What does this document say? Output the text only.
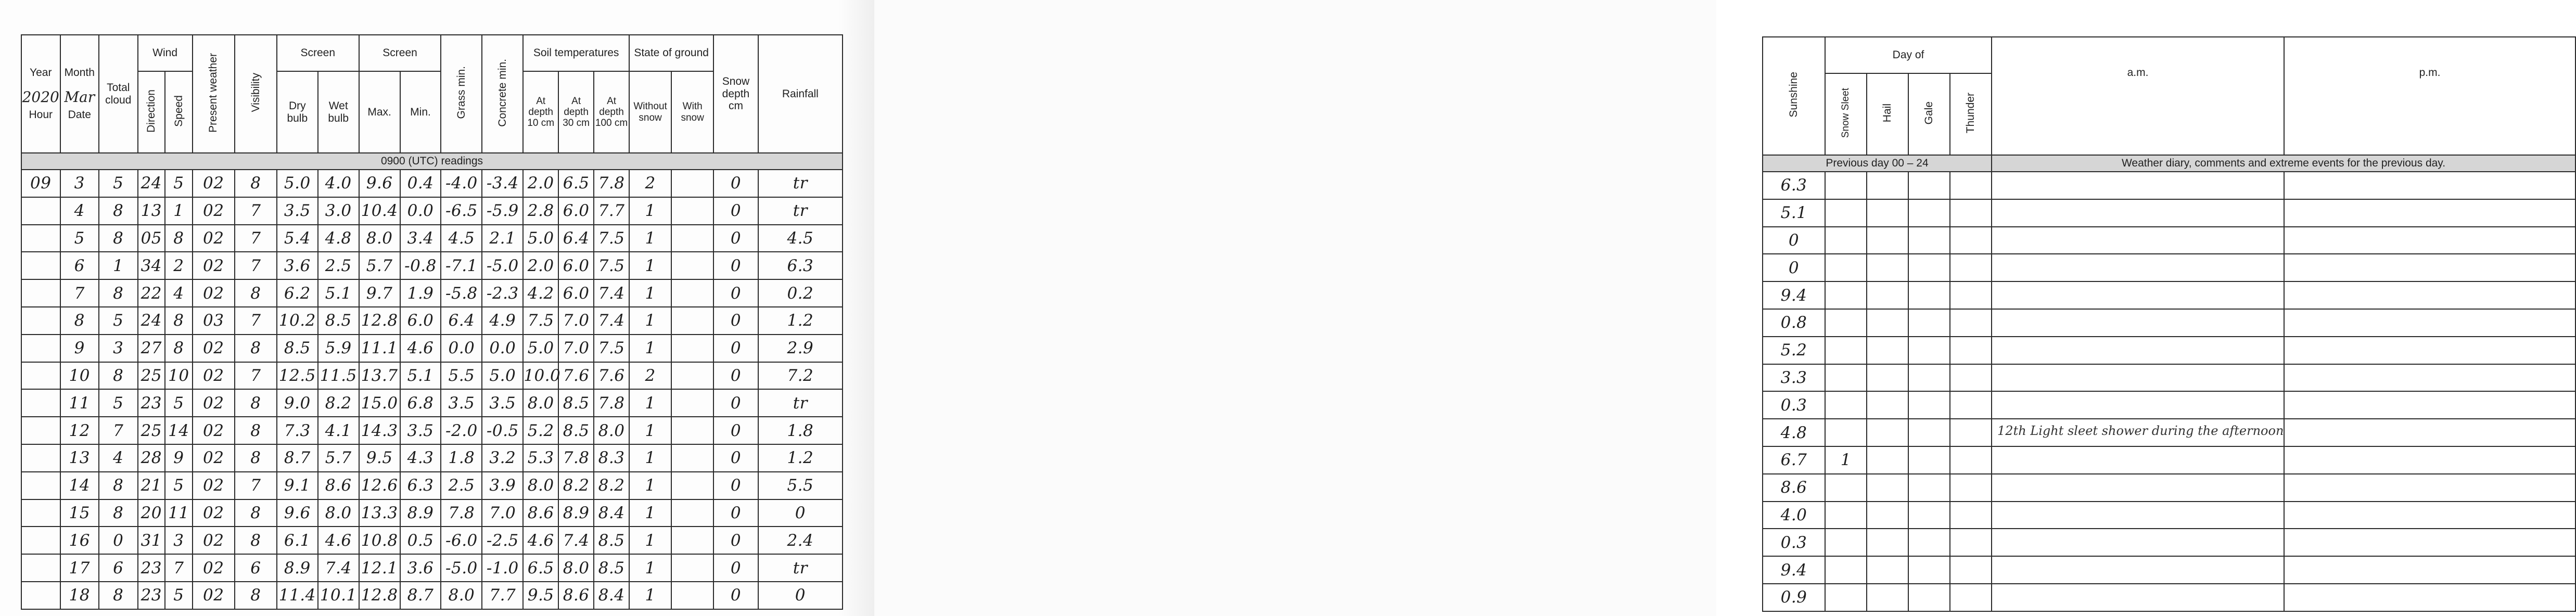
Year
2020
Hour	Month
Mar
Date	Total cloud	Wind		Present weather	Visibility	Screen		Screen		Grass min.	Concrete min.	Soil temperatures			State of ground		Snow depth cm	Rainfall
			Direction	Speed			Dry bulb	Wet bulb	Max.	Min.			At depth 10 cm	At depth 30 cm	At depth 100 cm	Without snow	With snow		
0900 (UTC) readings																			
09	3	5	24	5	02	8	5.0	4.0	9.6	0.4	-4.0	-3.4	2.0	6.5	7.8	2		0	tr
	4	8	13	1	02	7	3.5	3.0	10.4	0.0	-6.5	-5.9	2.8	6.0	7.7	1		0	tr
	5	8	05	8	02	7	5.4	4.8	8.0	3.4	4.5	2.1	5.0	6.4	7.5	1		0	4.5
	6	1	34	2	02	7	3.6	2.5	5.7	-0.8	-7.1	-5.0	2.0	6.0	7.5	1		0	6.3
	7	8	22	4	02	8	6.2	5.1	9.7	1.9	-5.8	-2.3	4.2	6.0	7.4	1		0	0.2
	8	5	24	8	03	7	10.2	8.5	12.8	6.0	6.4	4.9	7.5	7.0	7.4	1		0	1.2
	9	3	27	8	02	8	8.5	5.9	11.1	4.6	0.0	0.0	5.0	7.0	7.5	1		0	2.9
	10	8	25	10	02	7	12.5	11.5	13.7	5.1	5.5	5.0	10.0	7.6	7.6	2		0	7.2
	11	5	23	5	02	8	9.0	8.2	15.0	6.8	3.5	3.5	8.0	8.5	7.8	1		0	tr
	12	7	25	14	02	8	7.3	4.1	14.3	3.5	-2.0	-0.5	5.2	8.5	8.0	1		0	1.8
	13	4	28	9	02	8	8.7	5.7	9.5	4.3	1.8	3.2	5.3	7.8	8.3	1		0	1.2
	14	8	21	5	02	7	9.1	8.6	12.6	6.3	2.5	3.9	8.0	8.2	8.2	1		0	5.5
	15	8	20	11	02	8	9.6	8.0	13.3	8.9	7.8	7.0	8.6	8.9	8.4	1		0	0
	16	0	31	3	02	8	6.1	4.6	10.8	0.5	-6.0	-2.5	4.6	7.4	8.5	1		0	2.4
	17	6	23	7	02	6	8.9	7.4	12.1	3.6	-5.0	-1.0	6.5	8.0	8.5	1		0	tr
	18	8	23	5	02	8	11.4	10.1	12.8	8.7	8.0	7.7	9.5	8.6	8.4	1		0	0
Sunshine	Day of				a.m.	p.m.
	Snow Sleet	Hail	Gale	Thunder		
Previous day 00 – 24					Weather diary, comments and extreme events for the previous day.	
6.3					

5.1					

0					

0					

9.4					

0.8					

5.2					

3.3					

0.3					

4.8					12th Light sleet shower during the afternoon	

6.7	1				

8.6					

4.0					

0.3					

9.4					

0.9					
